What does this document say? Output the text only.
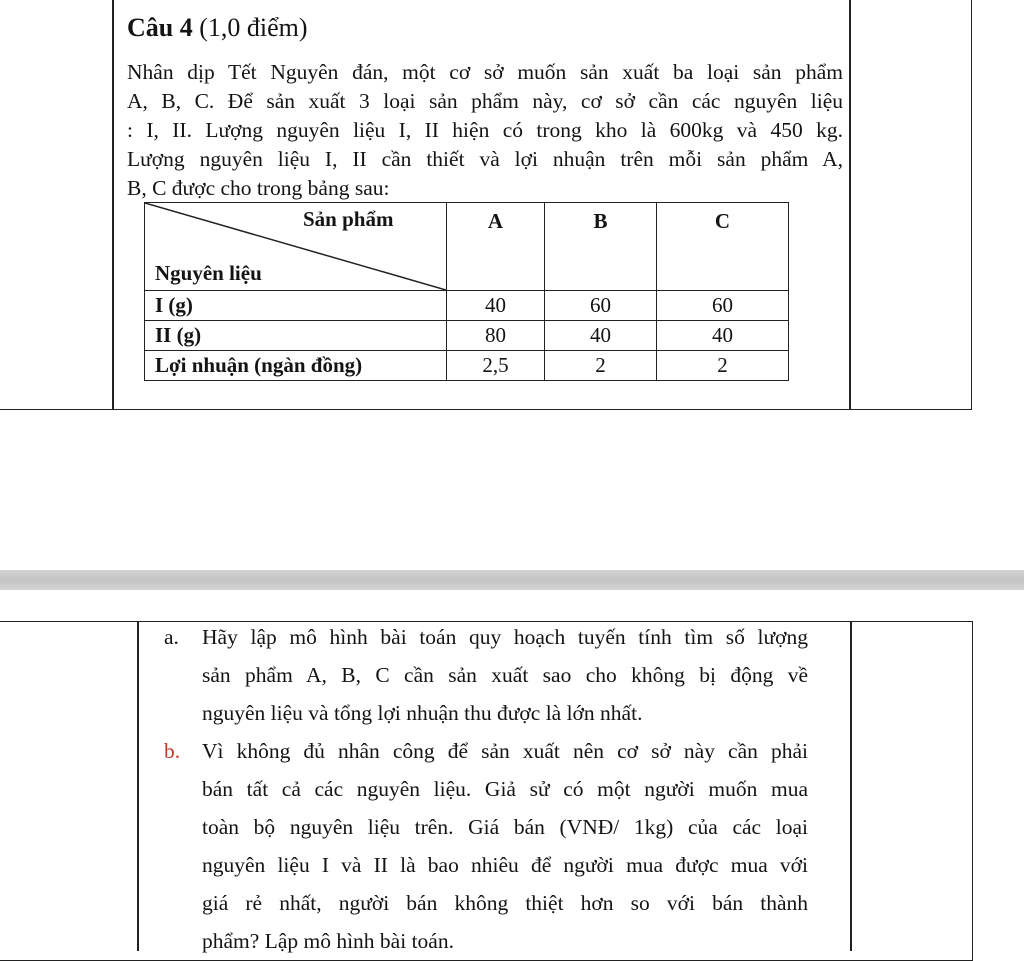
Câu 4 (1,0 điểm)
Nhân dịp Tết Nguyên đán, một cơ sở muốn sản xuất ba loại sản phẩm
A, B, C. Để sản xuất 3 loại sản phẩm này, cơ sở cần các nguyên liệu
: I, II. Lượng nguyên liệu I, II hiện có trong kho là 600kg và 450 kg.
Lượng nguyên liệu I, II cần thiết và lợi nhuận trên mỗi sản phẩm A,
B, C được cho trong bảng sau:
Sản phẩm
Nguyên liệu	A	B	C
I (g)	40	60	60
II (g)	80	40	40
Lợi nhuận (ngàn đồng)	2,5	2	2
a. Hãy lập mô hình bài toán quy hoạch tuyến tính tìm số lượng
sản phẩm A, B, C cần sản xuất sao cho không bị động về
nguyên liệu và tổng lợi nhuận thu được là lớn nhất.
b. Vì không đủ nhân công để sản xuất nên cơ sở này cần phải
bán tất cả các nguyên liệu. Giả sử có một người muốn mua
toàn bộ nguyên liệu trên. Giá bán (VNĐ/ 1kg) của các loại
nguyên liệu I và II là bao nhiêu để người mua được mua với
giá rẻ nhất, người bán không thiệt hơn so với bán thành
phẩm? Lập mô hình bài toán.
